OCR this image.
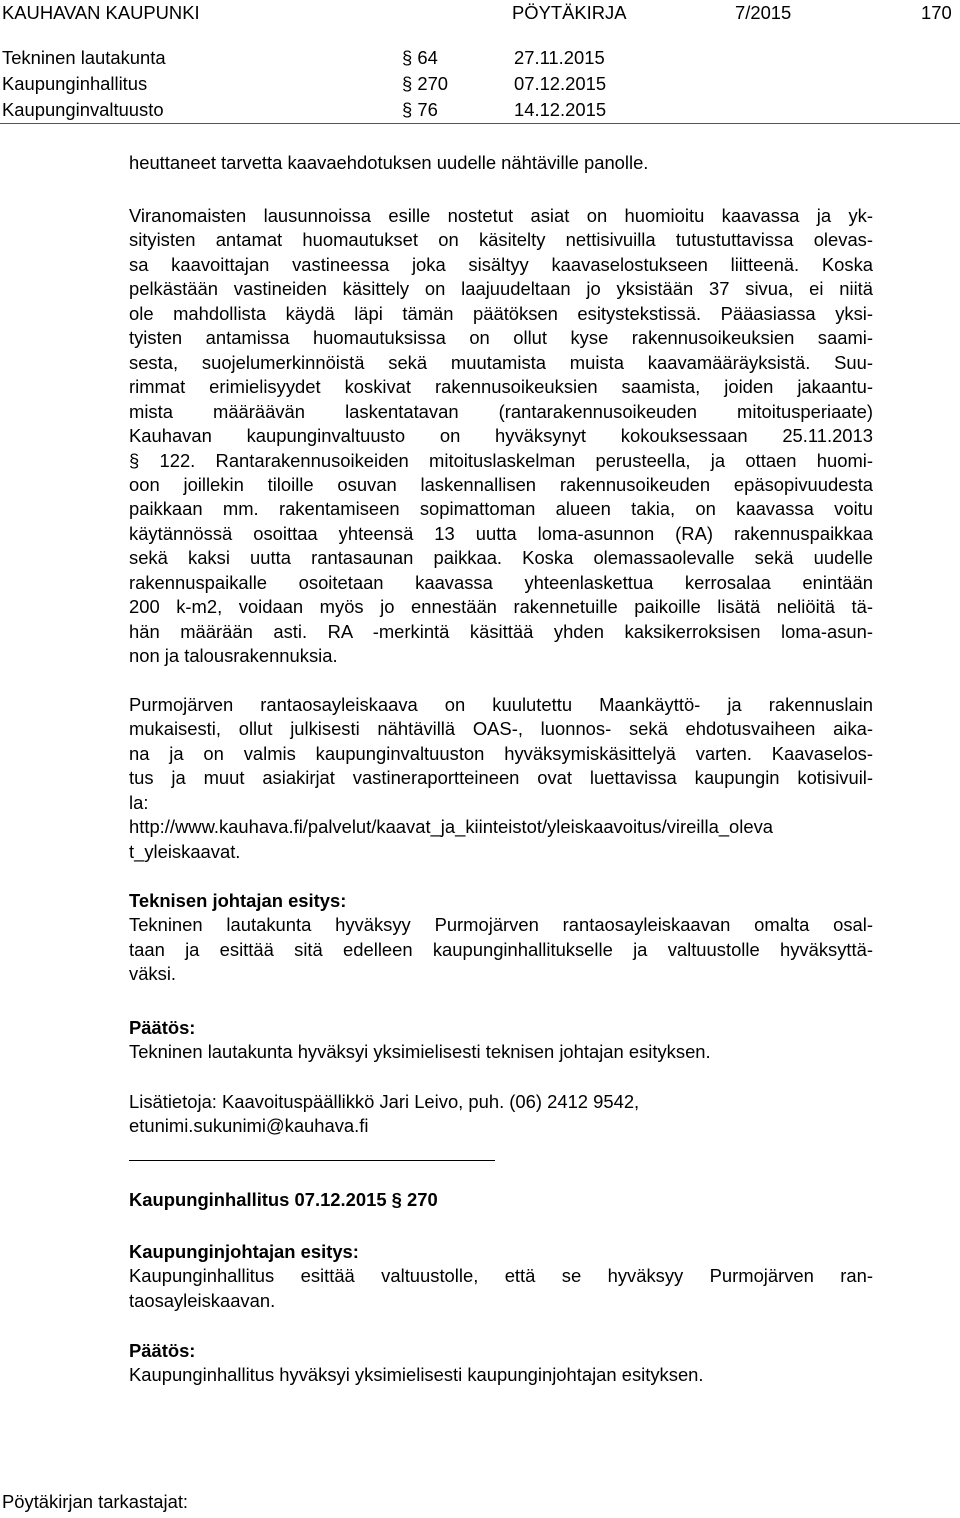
KAUHAVAN KAUPUNKI	PÖYTÄKIRJA	7/2015	170
Tekninen lautakunta	§ 64	27.11.2015
Kaupunginhallitus	§ 270	07.12.2015
Kaupunginvaltuusto	§ 76	14.12.2015
heuttaneet tarvetta kaavaehdotuksen uudelle nähtäville panolle.
Viranomaisten lausunnoissa esille nostetut asiat on huomioitu kaavassa ja yk-
sityisten antamat huomautukset on käsitelty nettisivuilla tutustuttavissa olevas-
sa kaavoittajan vastineessa joka sisältyy kaavaselostukseen liitteenä. Koska
pelkästään vastineiden käsittely on laajuudeltaan jo yksistään 37 sivua, ei niitä
ole mahdollista käydä läpi tämän päätöksen esitystekstissä. Pääasiassa yksi-
tyisten antamissa huomautuksissa on ollut kyse rakennusoikeuksien saami-
sesta, suojelumerkinnöistä sekä muutamista muista kaavamääräyksistä. Suu-
rimmat erimielisyydet koskivat rakennusoikeuksien saamista, joiden jakaantu-
mista määräävän laskentatavan (rantarakennusoikeuden mitoitusperiaate)
Kauhavan kaupunginvaltuusto on hyväksynyt kokouksessaan 25.11.2013
§ 122. Rantarakennusoikeiden mitoituslaskelman perusteella, ja ottaen huomi-
oon joillekin tiloille osuvan laskennallisen rakennusoikeuden epäsopivuudesta
paikkaan mm. rakentamiseen sopimattoman alueen takia, on kaavassa voitu
käytännössä osoittaa yhteensä 13 uutta loma-asunnon (RA) rakennuspaikkaa
sekä kaksi uutta rantasaunan paikkaa. Koska olemassaolevalle sekä uudelle
rakennuspaikalle osoitetaan kaavassa yhteenlaskettua kerrosalaa enintään
200 k-m2, voidaan myös jo ennestään rakennetuille paikoille lisätä neliöitä tä-
hän määrään asti. RA -merkintä käsittää yhden kaksikerroksisen loma-asun-
non ja talousrakennuksia.
Purmojärven rantaosayleiskaava on kuulutettu Maankäyttö- ja rakennuslain
mukaisesti, ollut julkisesti nähtävillä OAS-, luonnos- sekä ehdotusvaiheen aika-
na ja on valmis kaupunginvaltuuston hyväksymiskäsittelyä varten. Kaavaselos-
tus ja muut asiakirjat vastineraportteineen ovat luettavissa kaupungin kotisivuil-
la:
http://www.kauhava.fi/palvelut/kaavat_ja_kiinteistot/yleiskaavoitus/vireilla_oleva
t_yleiskaavat.
Teknisen johtajan esitys:
Tekninen lautakunta hyväksyy Purmojärven rantaosayleiskaavan omalta osal-
taan ja esittää sitä edelleen kaupunginhallitukselle ja valtuustolle hyväksyttä-
väksi.
Päätös:
Tekninen lautakunta hyväksyi yksimielisesti teknisen johtajan esityksen.
Lisätietoja: Kaavoituspäällikkö Jari Leivo, puh. (06) 2412 9542,
etunimi.sukunimi@kauhava.fi
Kaupunginhallitus 07.12.2015 § 270
Kaupunginjohtajan esitys:
Kaupunginhallitus esittää valtuustolle, että se hyväksyy Purmojärven ran-
taosayleiskaavan.
Päätös:
Kaupunginhallitus hyväksyi yksimielisesti kaupunginjohtajan esityksen.
Pöytäkirjan tarkastajat:
